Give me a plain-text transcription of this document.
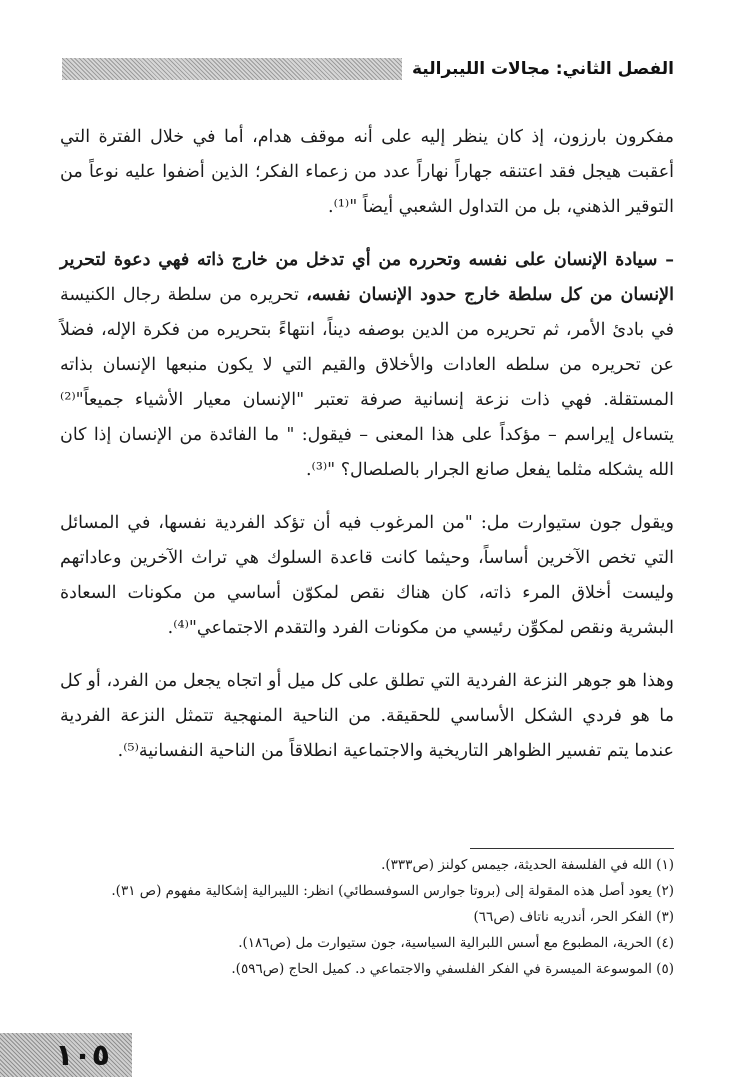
الفصل الثاني: مجالات الليبرالية

مفكرون بارزون، إذ كان ينظر إليه على أنه موقف هدام، أما في خلال الفترة التي أعقبت هيجل فقد اعتنقه جهاراً نهاراً عدد من زعماء الفكر؛ الذين أضفوا عليه نوعاً من التوقير الذهني، بل من التداول الشعبي أيضاً "⁽¹⁾.

– سيادة الإنسان على نفسه وتحرره من أي تدخل من خارج ذاته فهي دعوة لتحرير الإنسان من كل سلطة خارج حدود الإنسان نفسه، تحريره من سلطة رجال الكنيسة في بادئ الأمر، ثم تحريره من الدين بوصفه ديناً، انتهاءً بتحريره من فكرة الإله، فضلاً عن تحريره من سلطه العادات والأخلاق والقيم التي لا يكون منبعها الإنسان بذاته المستقلة. فهي ذات نزعة إنسانية صرفة تعتبر "الإنسان معيار الأشياء جميعاً"⁽²⁾ يتساءل إيراسم – مؤكداً على هذا المعنى – فيقول: " ما الفائدة من الإنسان إذا كان الله يشكله مثلما يفعل صانع الجرار بالصلصال؟ "⁽³⁾.

ويقول جون ستيوارت مل: "من المرغوب فيه أن تؤكد الفردية نفسها، في المسائل التي تخص الآخرين أساساً، وحيثما كانت قاعدة السلوك هي تراث الآخرين وعاداتهم وليست أخلاق المرء ذاته، كان هناك نقص لمكوّن أساسي من مكونات السعادة البشرية ونقص لمكوِّن رئيسي من مكونات الفرد والتقدم الاجتماعي"⁽⁴⁾.

وهذا هو جوهر النزعة الفردية التي تطلق على كل ميل أو اتجاه يجعل من الفرد، أو كل ما هو فردي الشكل الأساسي للحقيقة. من الناحية المنهجية تتمثل النزعة الفردية عندما يتم تفسير الظواهر التاريخية والاجتماعية انطلاقاً من الناحية النفسانية⁽⁵⁾.

(١) الله في الفلسفة الحديثة، جيمس كولنز (ص٣٣٣).
(٢) يعود أصل هذه المقولة إلى (بروتا جوارس السوفسطائي) انظر: الليبرالية إشكالية مفهوم (ص ٣١).
(٣) الفكر الحر، أندريه ناتاف (ص٦٦)
(٤) الحرية، المطبوع مع أسس اللبرالية السياسية، جون ستيوارت مل (ص١٨٦).
(٥) الموسوعة الميسرة في الفكر الفلسفي والاجتماعي د. كميل الحاج (ص٥٩٦).
١٠٥
